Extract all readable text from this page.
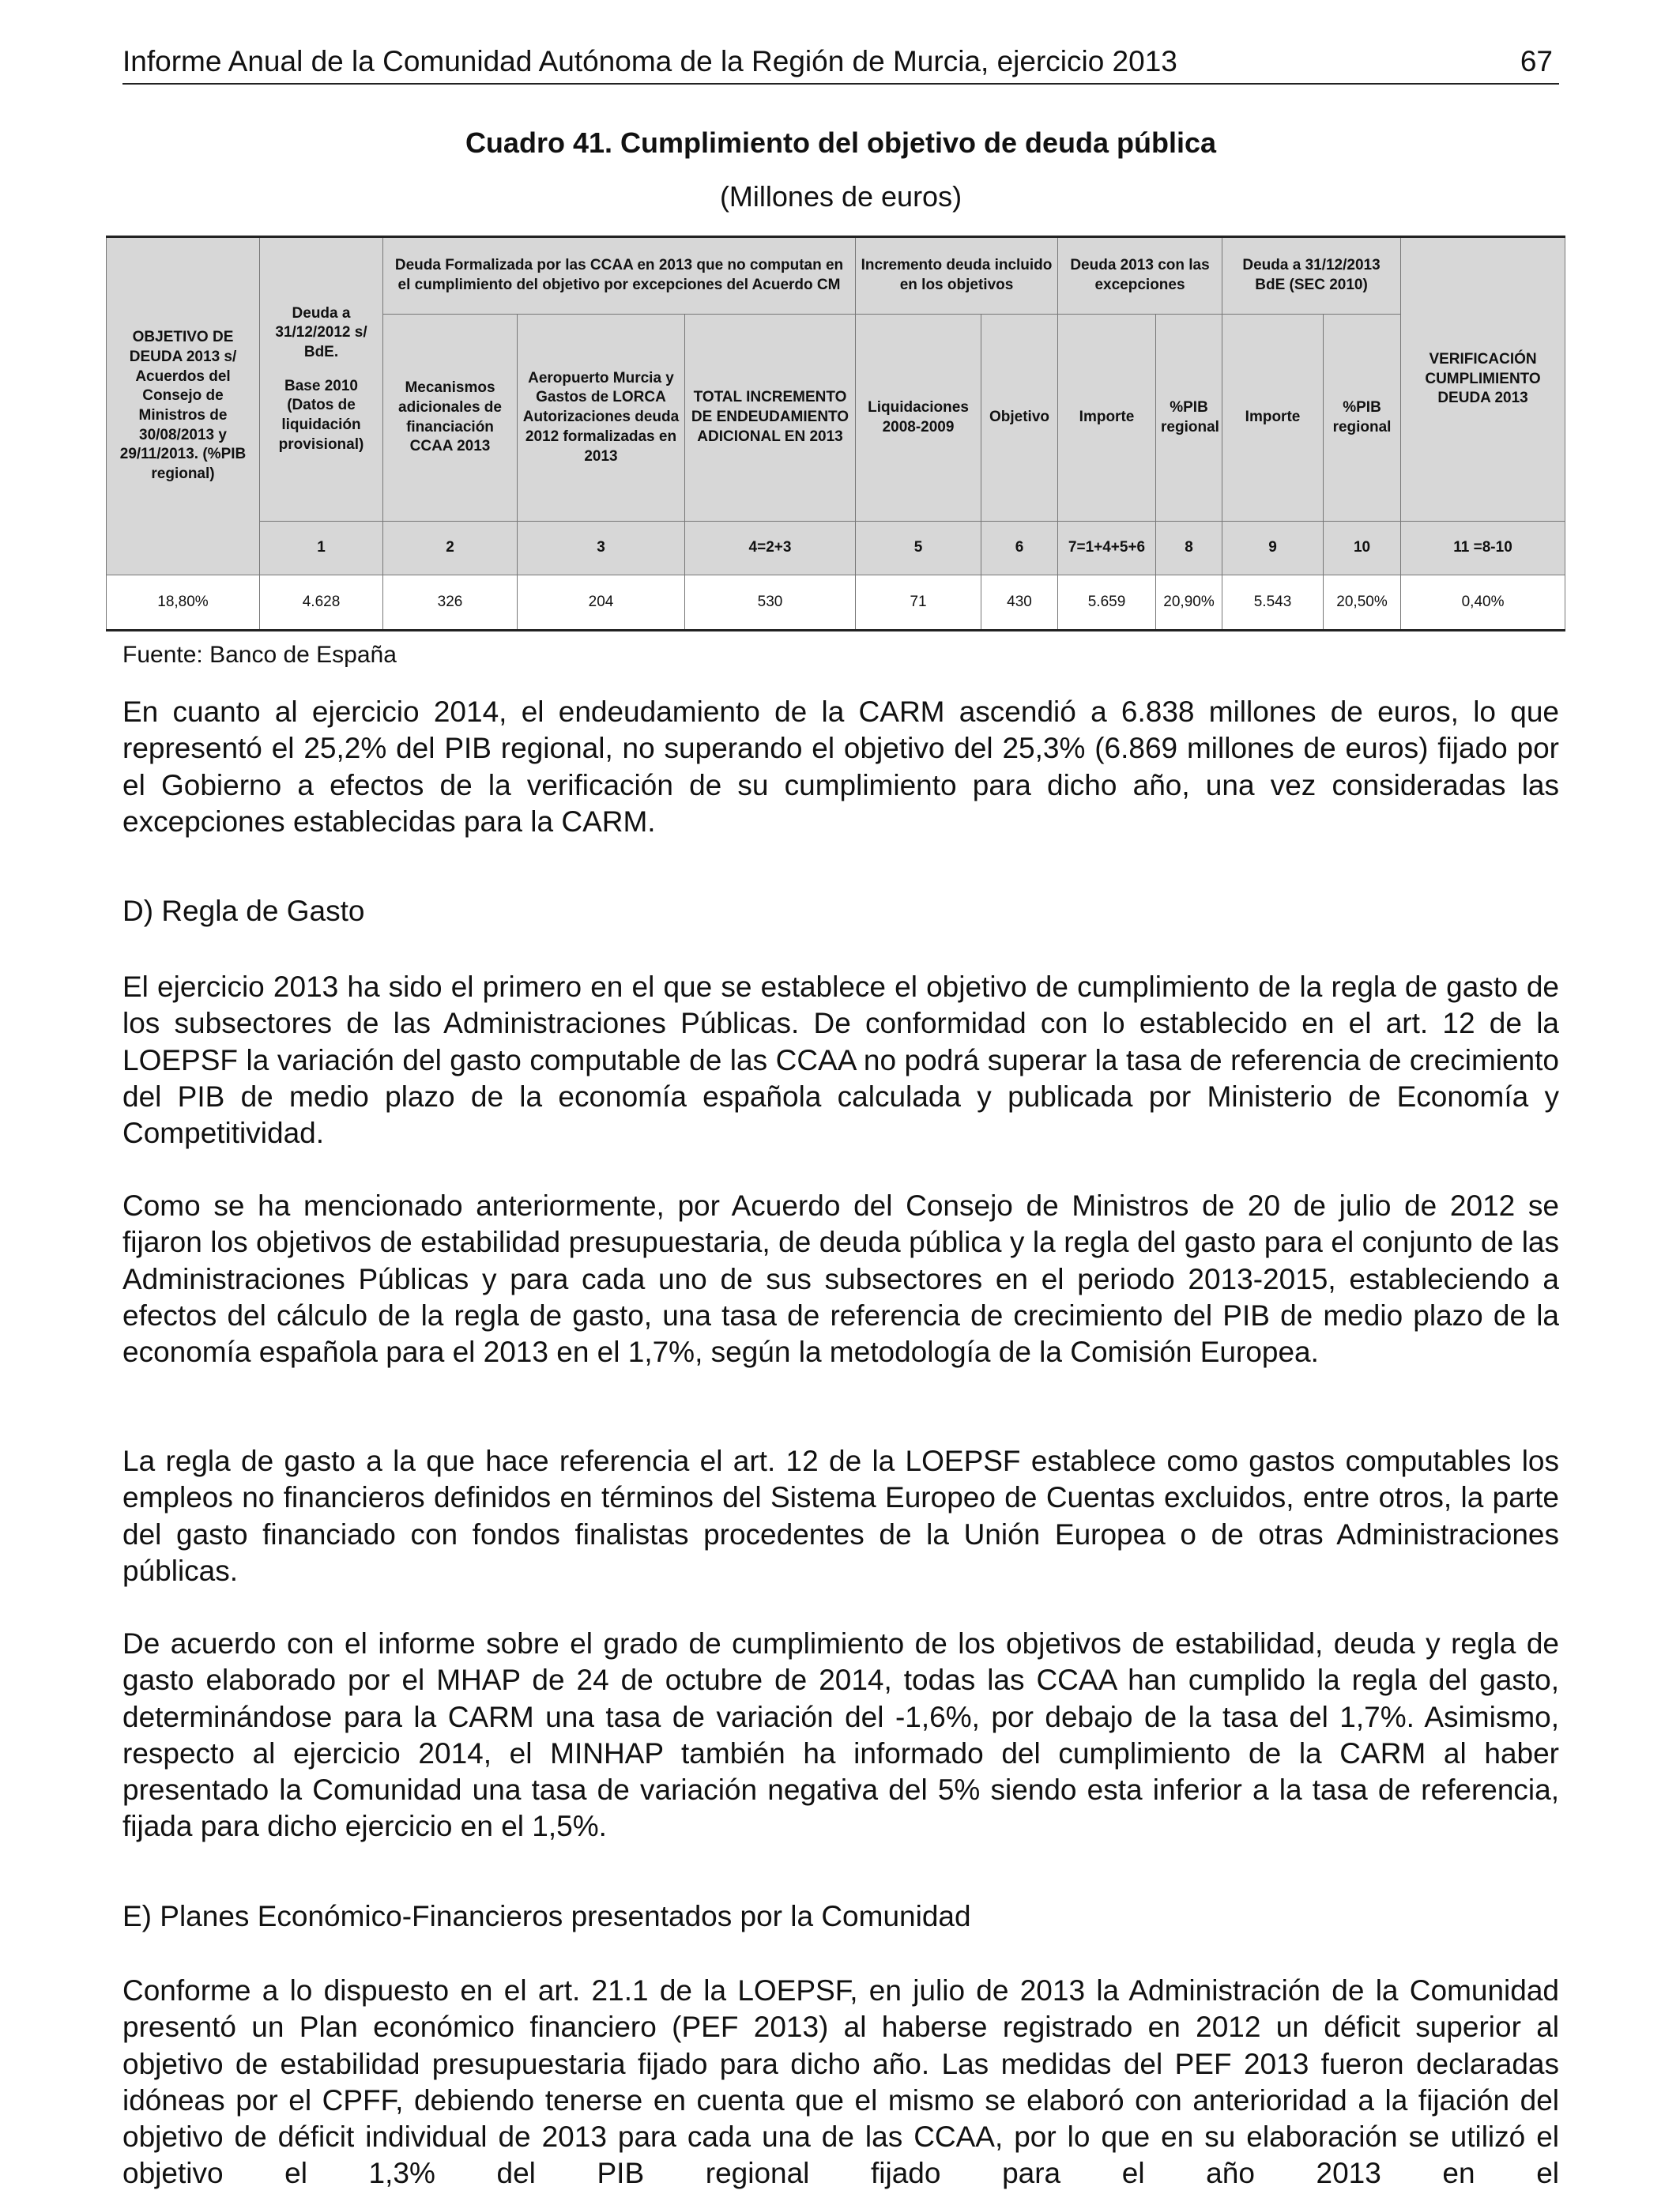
Informe Anual de la Comunidad Autónoma de la Región de Murcia, ejercicio 2013	67
Cuadro 41. Cumplimiento del objetivo de deuda pública
(Millones de euros)
OBJETIVO DE DEUDA 2013 s/ Acuerdos del Consejo de Ministros de 30/08/2013 y 29/11/2013. (%PIB regional)	Deuda a 31/12/2012 s/ BdE.
Base 2010 (Datos de liquidación provisional)	Deuda Formalizada por las CCAA en 2013 que no computan en el cumplimiento del objetivo por excepciones del Acuerdo CM			Incremento deuda incluido en los objetivos		Deuda 2013 con las excepciones		Deuda a 31/12/2013 BdE (SEC 2010)		VERIFICACIÓN CUMPLIMIENTO DEUDA 2013
		Mecanismos adicionales de financiación CCAA 2013	Aeropuerto Murcia y Gastos de LORCA Autorizaciones deuda 2012 formalizadas en 2013	TOTAL INCREMENTO DE ENDEUDAMIENTO ADICIONAL EN 2013	Liquidaciones 2008-2009	Objetivo	Importe	%PIB regional	Importe	%PIB regional	
	1	2	3	4=2+3	5	6	7=1+4+5+6	8	9	10	11 =8-10
18,80%	4.628	326	204	530	71	430	5.659	20,90%	5.543	20,50%	0,40%
Fuente: Banco de España

En cuanto al ejercicio 2014, el endeudamiento de la CARM ascendió a 6.838 millones de euros, lo que representó el 25,2% del PIB regional, no superando el objetivo del 25,3% (6.869 millones de euros) fijado por el Gobierno a efectos de la verificación de su cumplimiento para dicho año, una vez consideradas las excepciones establecidas para la CARM.

D) Regla de Gasto

El ejercicio 2013 ha sido el primero en el que se establece el objetivo de cumplimiento de la regla de gasto de los subsectores de las Administraciones Públicas. De conformidad con lo establecido en el art. 12 de la LOEPSF la variación del gasto computable de las CCAA no podrá superar la tasa de referencia de crecimiento del PIB de medio plazo de la economía española calculada y publicada por Ministerio de Economía y Competitividad.

Como se ha mencionado anteriormente, por Acuerdo del Consejo de Ministros de 20 de julio de 2012 se fijaron los objetivos de estabilidad presupuestaria, de deuda pública y la regla del gasto para el conjunto de las Administraciones Públicas y para cada uno de sus subsectores en el periodo 2013-2015, estableciendo a efectos del cálculo de la regla de gasto, una tasa de referencia de crecimiento del PIB de medio plazo de la economía española para el 2013 en el 1,7%, según la metodología de la Comisión Europea.

La regla de gasto a la que hace referencia el art. 12 de la LOEPSF establece como gastos computables los empleos no financieros definidos en términos del Sistema Europeo de Cuentas excluidos, entre otros, la parte del gasto financiado con fondos finalistas procedentes de la Unión Europea o de otras Administraciones públicas.

De acuerdo con el informe sobre el grado de cumplimiento de los objetivos de estabilidad, deuda y regla de gasto elaborado por el MHAP de 24 de octubre de 2014, todas las CCAA han cumplido la regla del gasto, determinándose para la CARM una tasa de variación del -1,6%, por debajo de la tasa del 1,7%. Asimismo, respecto al ejercicio 2014, el MINHAP también ha informado del cumplimiento de la CARM al haber presentado la Comunidad una tasa de variación negativa del 5% siendo esta inferior a la tasa de referencia, fijada para dicho ejercicio en el 1,5%.

E) Planes Económico-Financieros presentados por la Comunidad

Conforme a lo dispuesto en el art. 21.1 de la LOEPSF, en julio de 2013 la Administración de la Comunidad presentó un Plan económico financiero (PEF 2013) al haberse registrado en 2012 un déficit superior al objetivo de estabilidad presupuestaria fijado para dicho año. Las medidas del PEF 2013 fueron declaradas idóneas por el CPFF, debiendo tenerse en cuenta que el mismo se elaboró con anterioridad a la fijación del objetivo de déficit individual de 2013 para cada una de las CCAA, por lo que en su elaboración se utilizó el objetivo el 1,3% del PIB regional fijado para el año 2013 en el
